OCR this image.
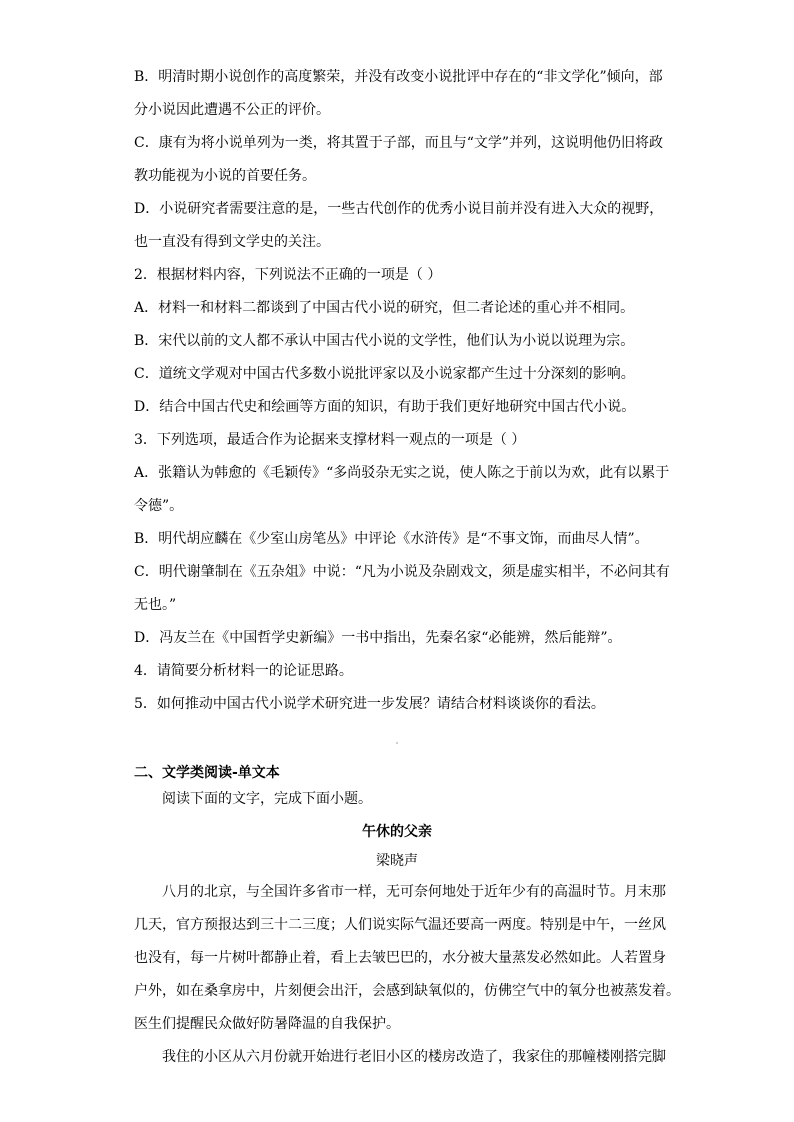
B．明清时期小说创作的高度繁荣，并没有改变小说批评中存在的“非文学化”倾向，部
分小说因此遭遇不公正的评价。
C．康有为将小说单列为一类，将其置于子部，而且与“文学”并列，这说明他仍旧将政
教功能视为小说的首要任务。
D．小说研究者需要注意的是，一些古代创作的优秀小说目前并没有进入大众的视野，
也一直没有得到文学史的关注。
2．根据材料内容，下列说法不正确的一项是（ ）
A．材料一和材料二都谈到了中国古代小说的研究，但二者论述的重心并不相同。
B．宋代以前的文人都不承认中国古代小说的文学性，他们认为小说以说理为宗。
C．道统文学观对中国古代多数小说批评家以及小说家都产生过十分深刻的影响。
D．结合中国古代史和绘画等方面的知识，有助于我们更好地研究中国古代小说。
3．下列选项，最适合作为论据来支撑材料一观点的一项是（ ）
A．张籍认为韩愈的《毛颖传》“多尚驳杂无实之说，使人陈之于前以为欢，此有以累于
令德”。
B．明代胡应麟在《少室山房笔丛》中评论《水浒传》是“不事文饰，而曲尽人情”。
C．明代谢肇制在《五杂俎》中说：“凡为小说及杂剧戏文，须是虚实相半，不必问其有
无也。”
D．冯友兰在《中国哲学史新编》一书中指出，先秦名家“必能辨，然后能辩”。
4．请简要分析材料一的论证思路。
5．如何推动中国古代小说学术研究进一步发展？请结合材料谈谈你的看法。
二、文学类阅读-单文本
阅读下面的文字，完成下面小题。
午休的父亲
梁晓声
八月的北京，与全国许多省市一样，无可奈何地处于近年少有的高温时节。月末那
几天，官方预报达到三十二三度；人们说实际气温还要高一两度。特别是中午，一丝风
也没有，每一片树叶都静止着，看上去皱巴巴的，水分被大量蒸发必然如此。人若置身
户外，如在桑拿房中，片刻便会出汗，会感到缺氧似的，仿佛空气中的氧分也被蒸发着。
医生们提醒民众做好防暑降温的自我保护。
我住的小区从六月份就开始进行老旧小区的楼房改造了，我家住的那幢楼刚搭完脚
